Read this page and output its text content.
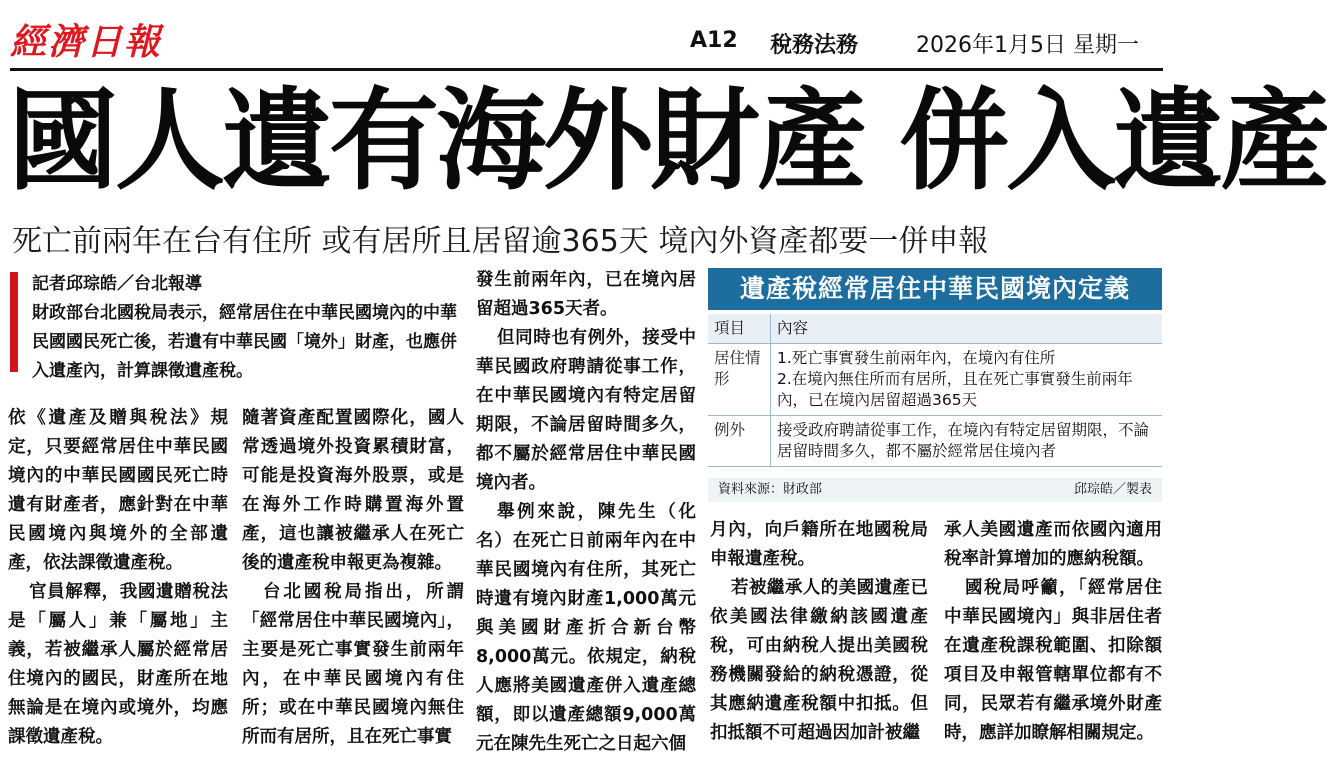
經濟日報	A12 稅務法務	2026年1月5日 星期一
國人遺有海外財產 併入遺產
死亡前兩年在台有住所 或有居所且居留逾365天 境內外資產都要一併申報
記者邱琮皓／台北報導
財政部台北國稅局表示，經常居住在中華民國境內的中華民國國民死亡後，若遺有中華民國「境外」財產，也應併入遺產內，計算課徵遺產稅。

依《遺產及贈與稅法》規定，只要經常居住中華民國境內的中華民國國民死亡時遺有財產者，應針對在中華民國境內與境外的全部遺產，依法課徵遺產稅。

官員解釋，我國遺贈稅法是「屬人」兼「屬地」主義，若被繼承人屬於經常居住境內的國民，財產所在地無論是在境內或境外，均應課徵遺產稅。

隨著資產配置國際化，國人常透過境外投資累積財富，可能是投資海外股票，或是在海外工作時購置海外置產，這也讓被繼承人在死亡後的遺產稅申報更為複雜。

台北國稅局指出，所謂「經常居住中華民國境內」，主要是死亡事實發生前兩年內，在中華民國境內有住所；或在中華民國境內無住所而有居所，且在死亡事實

發生前兩年內，已在境內居留超過365天者。

但同時也有例外，接受中華民國政府聘請從事工作，在中華民國境內有特定居留期限，不論居留時間多久，都不屬於經常居住中華民國境內者。

舉例來說，陳先生（化名）在死亡日前兩年內在中華民國境內有住所，其死亡時遺有境內財產1,000萬元與美國財產折合新台幣8,000萬元。依規定，納稅人應將美國遺產併入遺產總額，即以遺產總額9,000萬元在陳先生死亡之日起六個

月內，向戶籍所在地國稅局申報遺產稅。

若被繼承人的美國遺產已依美國法律繳納該國遺產稅，可由納稅人提出美國稅務機關發給的納稅憑證，從其應納遺產稅額中扣抵。但扣抵額不可超過因加計被繼

承人美國遺產而依國內適用稅率計算增加的應納稅額。

國稅局呼籲，「經常居住中華民國境內」與非居住者在遺產稅課稅範圍、扣除額項目及申報管轄單位都有不同，民眾若有繼承境外財產時，應詳加瞭解相關規定。

遺產稅經常居住中華民國境內定義
項目	內容
居住情形	1.死亡事實發生前兩年內，在境內有住所
2.在境內無住所而有居所，且在死亡事實發生前兩年內，已在境內居留超過365天

例外	接受政府聘請從事工作，在境內有特定居留期限，不論居留時間多久，都不屬於經常居住境內者
資料來源：財政部	邱琮皓／製表
